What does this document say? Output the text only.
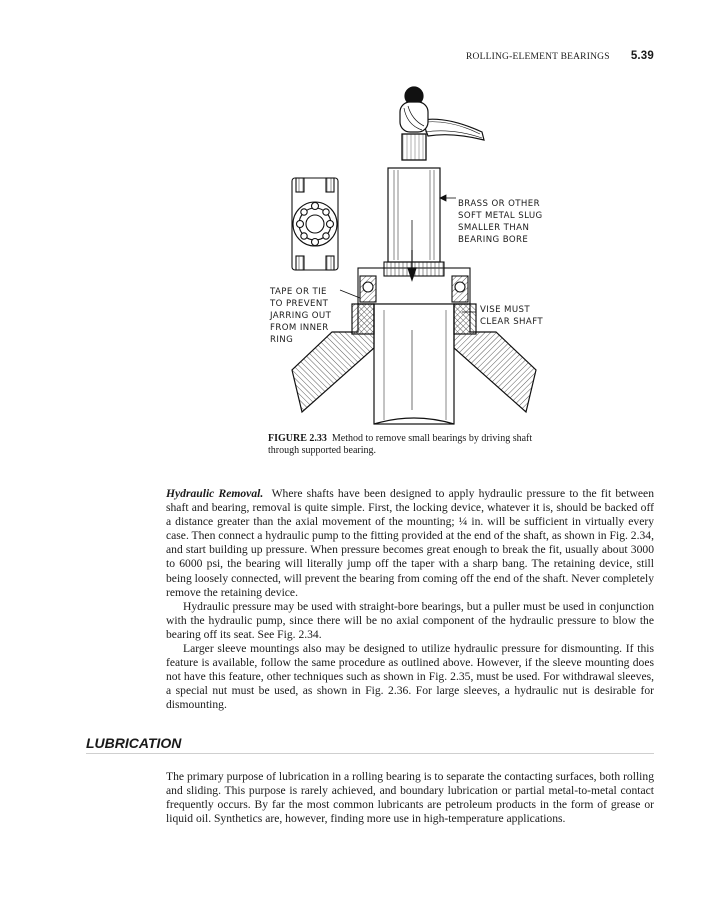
ROLLING-ELEMENT BEARINGS 5.39
BRASS OR OTHER
SOFT METAL SLUG
SMALLER THAN
BEARING BORE
TAPE OR TIE
TO PREVENT
JARRING OUT
FROM INNER
RING
VISE MUST
CLEAR SHAFT
FIGURE 2.33 Method to remove small bearings by driving shaft through supported bearing.

Hydraulic Removal. Where shafts have been designed to apply hydraulic pressure to the fit between shaft and bearing, removal is quite simple. First, the locking device, whatever it is, should be backed off a distance greater than the axial movement of the mounting; ¼ in. will be sufficient in virtually every case. Then connect a hydraulic pump to the fitting provided at the end of the shaft, as shown in Fig. 2.34, and start building up pressure. When pressure becomes great enough to break the fit, usually about 3000 to 6000 psi, the bearing will literally jump off the taper with a sharp bang. The retaining device, still being loosely connected, will prevent the bearing from coming off the end of the shaft. Never completely remove the retaining device.

Hydraulic pressure may be used with straight-bore bearings, but a puller must be used in conjunction with the hydraulic pump, since there will be no axial component of the hydraulic pressure to blow the bearing off its seat. See Fig. 2.34.

Larger sleeve mountings also may be designed to utilize hydraulic pressure for dismounting. If this feature is available, follow the same procedure as outlined above. However, if the sleeve mounting does not have this feature, other techniques such as shown in Fig. 2.35, must be used. For withdrawal sleeves, a special nut must be used, as shown in Fig. 2.36. For large sleeves, a hydraulic nut is desirable for dismounting.

LUBRICATION

The primary purpose of lubrication in a rolling bearing is to separate the contacting surfaces, both rolling and sliding. This purpose is rarely achieved, and boundary lubrication or partial metal-to-metal contact frequently occurs. By far the most common lubricants are petroleum products in the form of grease or liquid oil. Synthetics are, however, finding more use in high-temperature applications.
